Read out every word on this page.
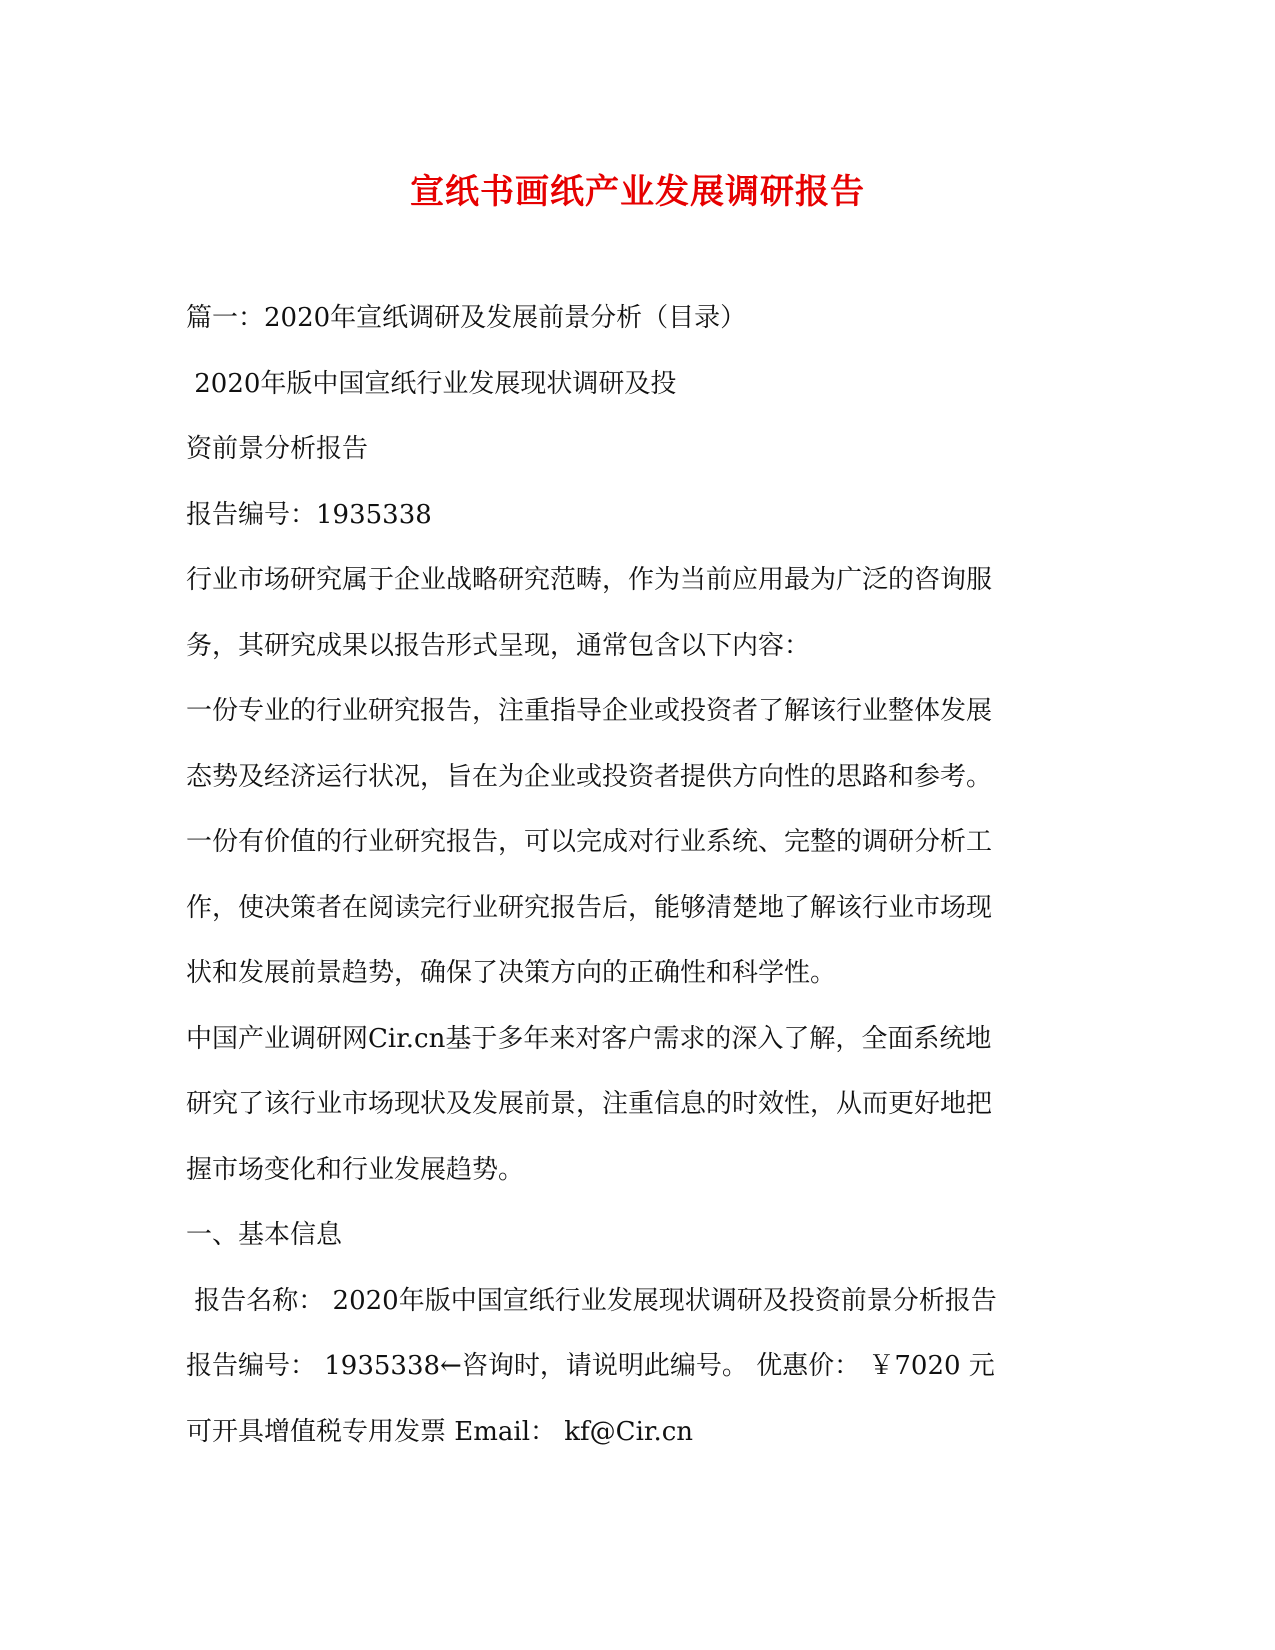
宣纸书画纸产业发展调研报告
篇一：2020年宣纸调研及发展前景分析（目录）
2020年版中国宣纸行业发展现状调研及投
资前景分析报告
报告编号：1935338
行业市场研究属于企业战略研究范畴，作为当前应用最为广泛的咨询服
务，其研究成果以报告形式呈现，通常包含以下内容：
一份专业的行业研究报告，注重指导企业或投资者了解该行业整体发展
态势及经济运行状况，旨在为企业或投资者提供方向性的思路和参考。
一份有价值的行业研究报告，可以完成对行业系统、完整的调研分析工
作，使决策者在阅读完行业研究报告后，能够清楚地了解该行业市场现
状和发展前景趋势，确保了决策方向的正确性和科学性。
中国产业调研网Cir.cn基于多年来对客户需求的深入了解，全面系统地
研究了该行业市场现状及发展前景，注重信息的时效性，从而更好地把
握市场变化和行业发展趋势。
一、基本信息
报告名称： 2020年版中国宣纸行业发展现状调研及投资前景分析报告
报告编号： 1935338←咨询时，请说明此编号。 优惠价： ￥7020 元
可开具增值税专用发票 Email： kf@Cir.cn
